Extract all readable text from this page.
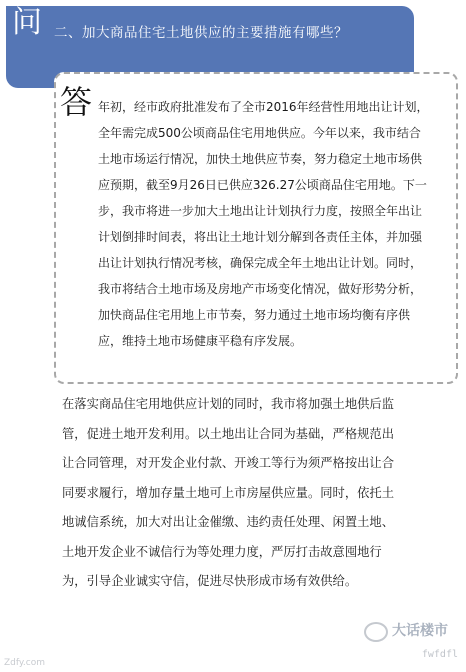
问 二、加大商品住宅土地供应的主要措施有哪些？
答 年初，经市政府批准发布了全市2016年经营性用地出让计划，
全年需完成500公顷商品住宅用地供应。今年以来，我市结合
土地市场运行情况，加快土地供应节奏，努力稳定土地市场供
应预期，截至9月26日已供应326.27公顷商品住宅用地。下一
步，我市将进一步加大土地出让计划执行力度，按照全年出让
计划倒排时间表，将出让土地计划分解到各责任主体，并加强
出让计划执行情况考核，确保完成全年土地出让计划。同时，
我市将结合土地市场及房地产市场变化情况，做好形势分析，
加快商品住宅用地上市节奏，努力通过土地市场均衡有序供
应，维持土地市场健康平稳有序发展。

在落实商品住宅用地供应计划的同时，我市将加强土地供后监
管，促进土地开发利用。以土地出让合同为基础，严格规范出
让合同管理，对开发企业付款、开竣工等行为须严格按出让合
同要求履行，增加存量土地可上市房屋供应量。同时，依托土
地诚信系统，加大对出让金催缴、违约责任处理、闲置土地、
土地开发企业不诚信行为等处理力度，严厉打击故意囤地行
为，引导企业诚实守信，促进尽快形成市场有效供给。

大话楼市
fwfdfl
Zdfy.com
